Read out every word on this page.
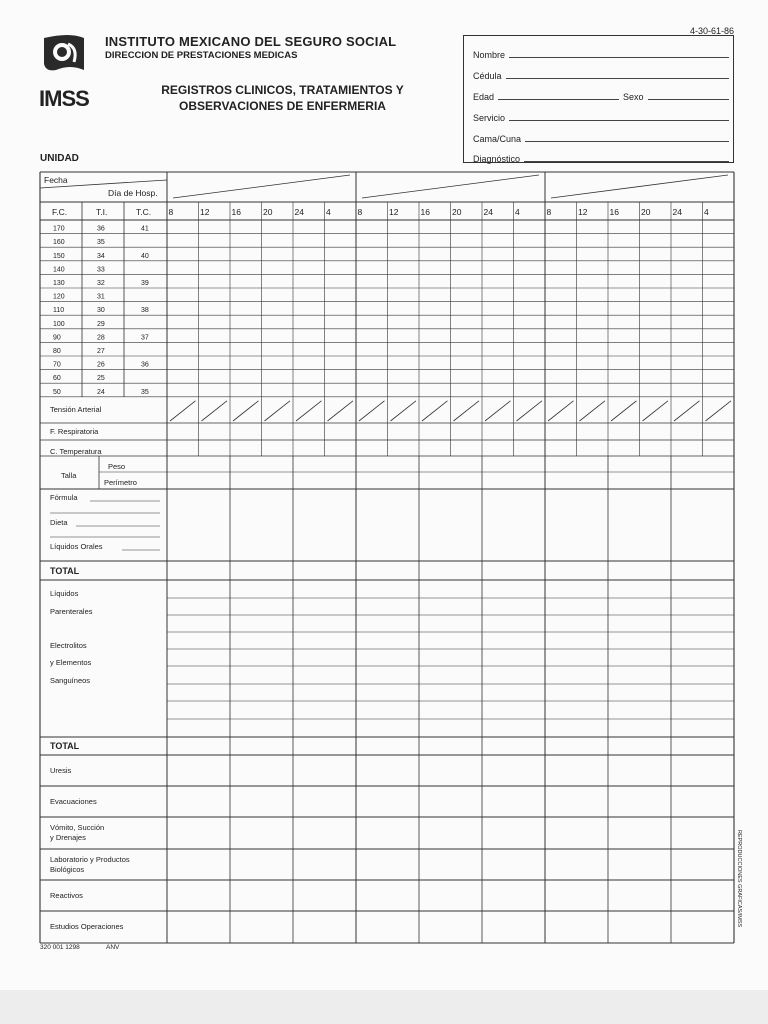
IMSS
INSTITUTO MEXICANO DEL SEGURO SOCIAL
DIRECCION DE PRESTACIONES MEDICAS
REGISTROS CLINICOS, TRATAMIENTOS Y
OBSERVACIONES DE ENFERMERIA
4-30-61-86
UNIDAD
Nombre
Cédula
Edad	Sexo
Servicio
Cama/Cuna
Diagnóstico
Fecha
Día de Hosp.
F.C.	T.I.	T.C. 8	12	16	20	24	4	8	12	16	20	24	4	8	12	16	20	24	4
170	36	41
160	35
150	34	40
140	33
130	32	39
120	31
110	30	38
100	29
90	28	37
80	27
70	26	36
60	25
50	24	35
Tensión Arterial
F. Respiratoria
C. Temperatura
Talla
Peso
Perímetro
Fórmula
Dieta
Líquidos Orales
TOTAL
Líquidos
Parenterales
Electrolitos
y Elementos
Sanguíneos
TOTAL
Uresis
Evacuaciones
Vómito, Succión
y Drenajes
Laboratorio y Productos
Biológicos
Reactivos
Estudios Operaciones
320 001 1298	ANV
REPRODUCCIONES GRAFICAS/IMSS
